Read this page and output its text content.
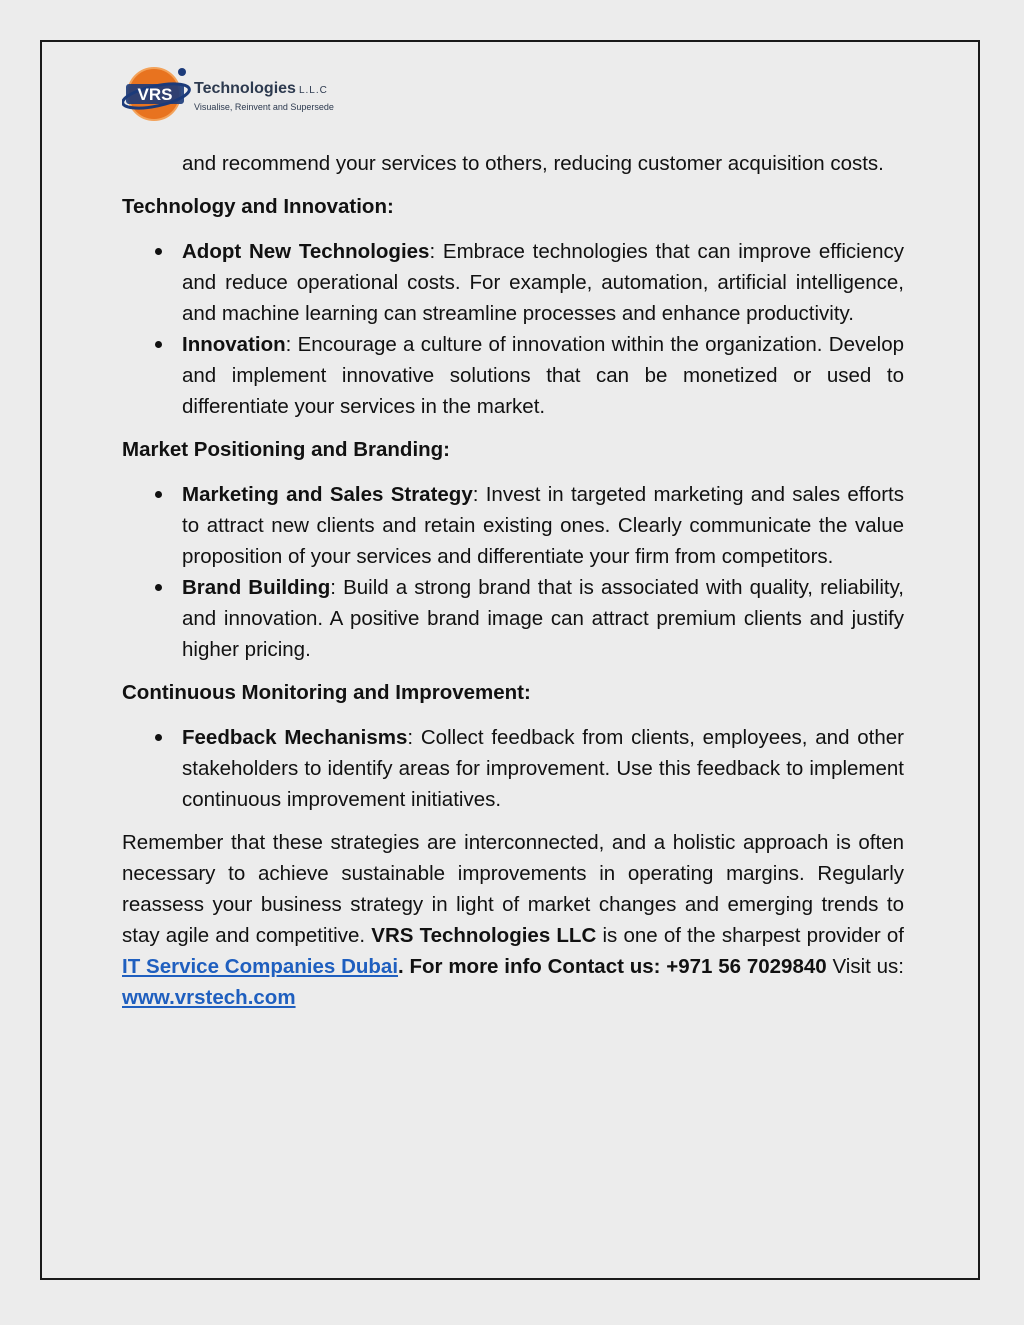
VRS Technologies L.L.C
Visualise, Reinvent and Supersede

and recommend your services to others, reducing customer acquisition costs.

Technology and Innovation:
Adopt New Technologies: Embrace technologies that can improve efficiency and reduce operational costs. For example, automation, artificial intelligence, and machine learning can streamline processes and enhance productivity.
Innovation: Encourage a culture of innovation within the organization. Develop and implement innovative solutions that can be monetized or used to differentiate your services in the market.
Market Positioning and Branding:
Marketing and Sales Strategy: Invest in targeted marketing and sales efforts to attract new clients and retain existing ones. Clearly communicate the value proposition of your services and differentiate your firm from competitors.
Brand Building: Build a strong brand that is associated with quality, reliability, and innovation. A positive brand image can attract premium clients and justify higher pricing.
Continuous Monitoring and Improvement:
Feedback Mechanisms: Collect feedback from clients, employees, and other stakeholders to identify areas for improvement. Use this feedback to implement continuous improvement initiatives.

Remember that these strategies are interconnected, and a holistic approach is often necessary to achieve sustainable improvements in operating margins. Regularly reassess your business strategy in light of market changes and emerging trends to stay agile and competitive. VRS Technologies LLC is one of the sharpest provider of IT Service Companies Dubai. For more info Contact us: +971 56 7029840 Visit us: www.vrstech.com
